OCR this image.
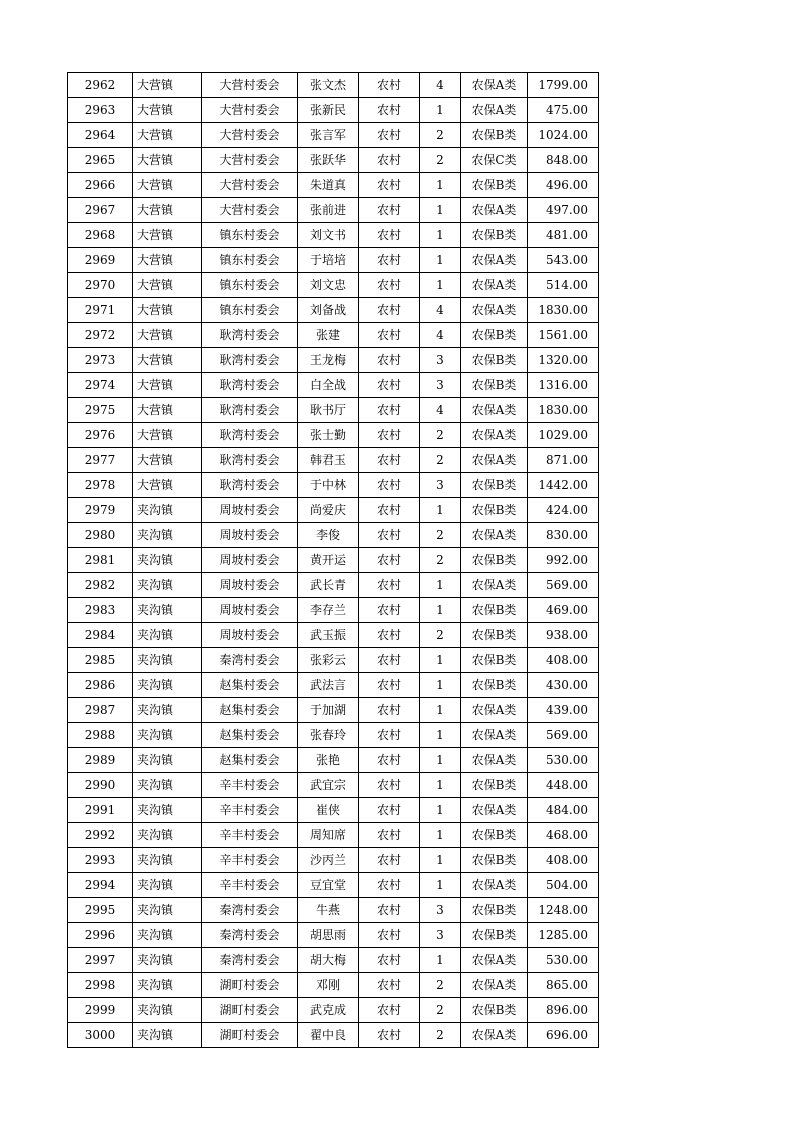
2962	大营镇	大营村委会	张文杰	农村	4	农保A类	1799.00
2963	大营镇	大营村委会	张新民	农村	1	农保A类	475.00
2964	大营镇	大营村委会	张言军	农村	2	农保B类	1024.00
2965	大营镇	大营村委会	张跃华	农村	2	农保C类	848.00
2966	大营镇	大营村委会	朱道真	农村	1	农保B类	496.00
2967	大营镇	大营村委会	张前进	农村	1	农保A类	497.00
2968	大营镇	镇东村委会	刘文书	农村	1	农保B类	481.00
2969	大营镇	镇东村委会	于培培	农村	1	农保A类	543.00
2970	大营镇	镇东村委会	刘文忠	农村	1	农保A类	514.00
2971	大营镇	镇东村委会	刘备战	农村	4	农保A类	1830.00
2972	大营镇	耿湾村委会	张建	农村	4	农保B类	1561.00
2973	大营镇	耿湾村委会	王龙梅	农村	3	农保B类	1320.00
2974	大营镇	耿湾村委会	白全战	农村	3	农保B类	1316.00
2975	大营镇	耿湾村委会	耿书厅	农村	4	农保A类	1830.00
2976	大营镇	耿湾村委会	张士勤	农村	2	农保A类	1029.00
2977	大营镇	耿湾村委会	韩君玉	农村	2	农保A类	871.00
2978	大营镇	耿湾村委会	于中林	农村	3	农保B类	1442.00
2979	夹沟镇	周坡村委会	尚爱庆	农村	1	农保B类	424.00
2980	夹沟镇	周坡村委会	李俊	农村	2	农保A类	830.00
2981	夹沟镇	周坡村委会	黄开运	农村	2	农保B类	992.00
2982	夹沟镇	周坡村委会	武长青	农村	1	农保A类	569.00
2983	夹沟镇	周坡村委会	李存兰	农村	1	农保B类	469.00
2984	夹沟镇	周坡村委会	武玉振	农村	2	农保B类	938.00
2985	夹沟镇	秦湾村委会	张彩云	农村	1	农保B类	408.00
2986	夹沟镇	赵集村委会	武法言	农村	1	农保B类	430.00
2987	夹沟镇	赵集村委会	于加湖	农村	1	农保A类	439.00
2988	夹沟镇	赵集村委会	张春玲	农村	1	农保A类	569.00
2989	夹沟镇	赵集村委会	张艳	农村	1	农保A类	530.00
2990	夹沟镇	辛丰村委会	武宜宗	农村	1	农保B类	448.00
2991	夹沟镇	辛丰村委会	崔侠	农村	1	农保A类	484.00
2992	夹沟镇	辛丰村委会	周知席	农村	1	农保B类	468.00
2993	夹沟镇	辛丰村委会	沙丙兰	农村	1	农保B类	408.00
2994	夹沟镇	辛丰村委会	豆宜堂	农村	1	农保A类	504.00
2995	夹沟镇	秦湾村委会	牛燕	农村	3	农保B类	1248.00
2996	夹沟镇	秦湾村委会	胡思雨	农村	3	农保B类	1285.00
2997	夹沟镇	秦湾村委会	胡大梅	农村	1	农保A类	530.00
2998	夹沟镇	湖町村委会	邓刚	农村	2	农保A类	865.00
2999	夹沟镇	湖町村委会	武克成	农村	2	农保B类	896.00
3000	夹沟镇	湖町村委会	翟中良	农村	2	农保A类	696.00
